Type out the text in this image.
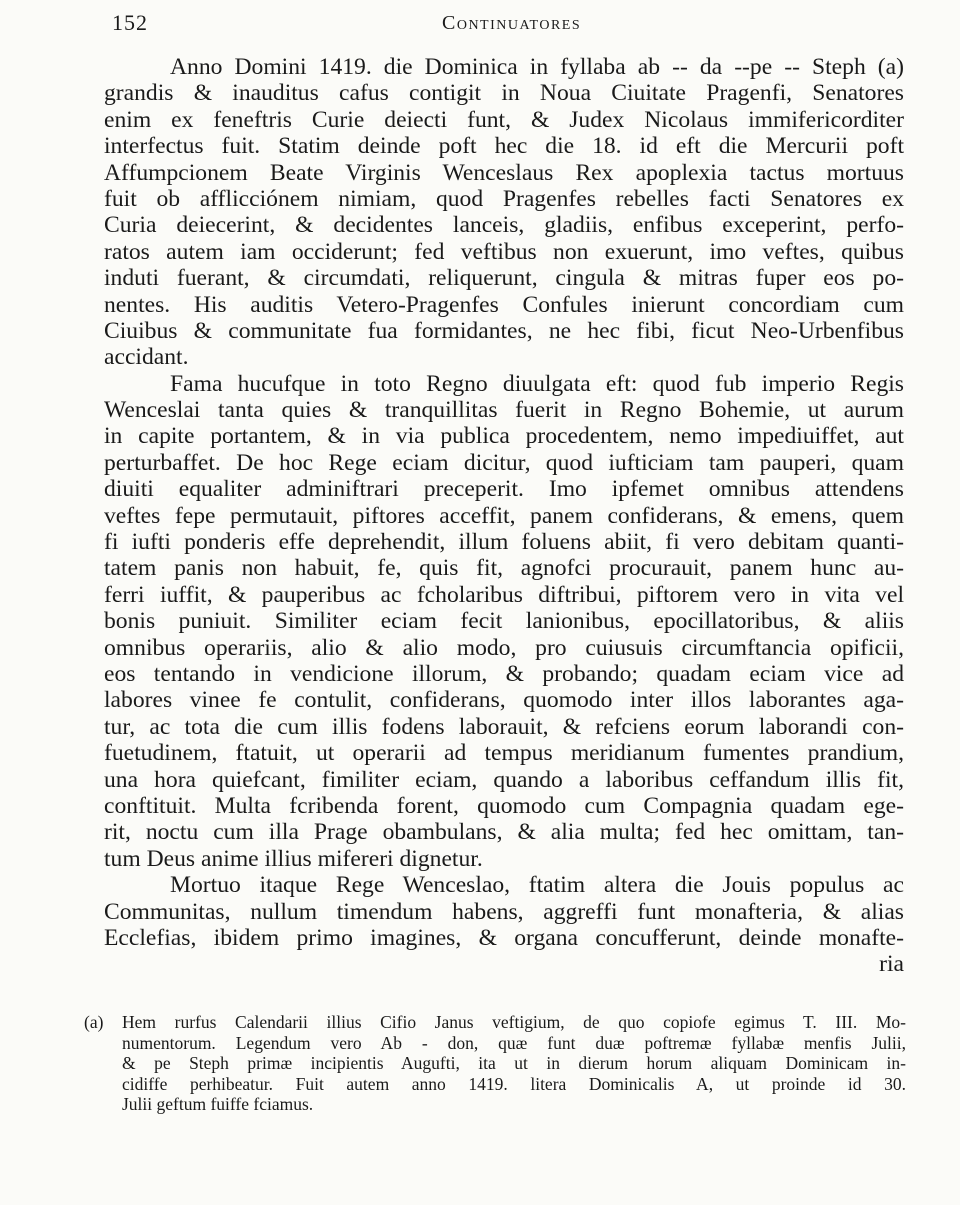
152	Continuatores
Anno Domini 1419. die Dominica in fyllaba ab -- da --pe -- Steph (a)
grandis & inauditus cafus contigit in Noua Ciuitate Pragenfi, Senatores
enim ex feneftris Curie deiecti funt, & Judex Nicolaus immifericorditer
interfectus fuit. Statim deinde poft hec die 18. id eft die Mercurii poft
Affumpcionem Beate Virginis Wenceslaus Rex apoplexia tactus mortuus
fuit ob afflicciónem nimiam, quod Pragenfes rebelles facti Senatores ex
Curia deiecerint, & decidentes lanceis, gladiis, enfibus exceperint, perfo-
ratos autem iam occiderunt; fed veftibus non exuerunt, imo veftes, quibus
induti fuerant, & circumdati, reliquerunt, cingula & mitras fuper eos po-
nentes. His auditis Vetero-Pragenfes Confules inierunt concordiam cum
Ciuibus & communitate fua formidantes, ne hec fibi, ficut Neo-Urbenfibus
accidant.
Fama hucufque in toto Regno diuulgata eft: quod fub imperio Regis
Wenceslai tanta quies & tranquillitas fuerit in Regno Bohemie, ut aurum
in capite portantem, & in via publica procedentem, nemo impediuiffet, aut
perturbaffet. De hoc Rege eciam dicitur, quod iufticiam tam pauperi, quam
diuiti equaliter adminiftrari preceperit. Imo ipfemet omnibus attendens
veftes fepe permutauit, piftores acceffit, panem confiderans, & emens, quem
fi iufti ponderis effe deprehendit, illum foluens abiit, fi vero debitam quanti-
tatem panis non habuit, fe, quis fit, agnofci procurauit, panem hunc au-
ferri iuffit, & pauperibus ac fcholaribus diftribui, piftorem vero in vita vel
bonis puniuit. Similiter eciam fecit lanionibus, epocillatoribus, & aliis
omnibus operariis, alio & alio modo, pro cuiusuis circumftancia opificii,
eos tentando in vendicione illorum, & probando; quadam eciam vice ad
labores vinee fe contulit, confiderans, quomodo inter illos laborantes aga-
tur, ac tota die cum illis fodens laborauit, & refciens eorum laborandi con-
fuetudinem, ftatuit, ut operarii ad tempus meridianum fumentes prandium,
una hora quiefcant, fimiliter eciam, quando a laboribus ceffandum illis fit,
conftituit. Multa fcribenda forent, quomodo cum Compagnia quadam ege-
rit, noctu cum illa Prage obambulans, & alia multa; fed hec omittam, tan-
tum Deus anime illius mifereri dignetur.
Mortuo itaque Rege Wenceslao, ftatim altera die Jouis populus ac
Communitas, nullum timendum habens, aggreffi funt monafteria, & alias
Ecclefias, ibidem primo imagines, & organa concufferunt, deinde monafte-
ria
(a) Hem rurfus Calendarii illius Cifio Janus veftigium, de quo copiofe egimus T. III. Mo-
numentorum. Legendum vero Ab - don, quæ funt duæ poftremæ fyllabæ menfis Julii,
& pe Steph primæ incipientis Augufti, ita ut in dierum horum aliquam Dominicam in-
cidiffe perhibeatur. Fuit autem anno 1419. litera Dominicalis A, ut proinde id 30.
Julii geftum fuiffe fciamus.
